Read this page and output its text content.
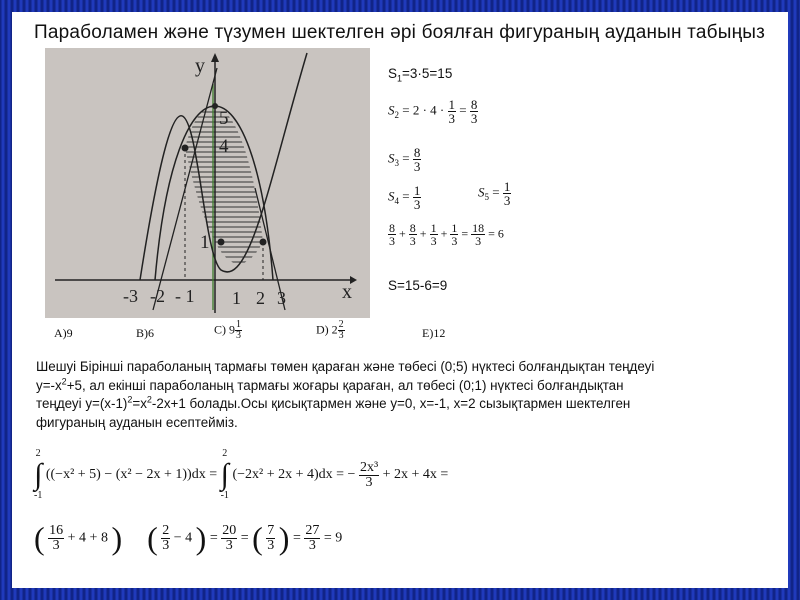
Параболамен және түзумен шектелген әрі боялған фигураның ауданын табыңыз
y
x
5
4
1
-3 -2 - 1 1 2 3
$S_1=3\cdot 5=15$
$S_2 = 2 \cdot 4 \cdot \frac{1}{3} = \frac{8}{3}$
$S_3 = \frac{8}{3}$
$S_4 = \frac{1}{3}$	$S_5 = \frac{1}{3}$
$\frac{8}{3} + \frac{8}{3} + \frac{1}{3} + \frac{1}{3} = \frac{18}{3} = 6$
S=15-6=9
A)9	B)6	C) $9 \frac{1}{3}$	D) $2 \frac{2}{3}$	E)12
Шешуі Бірінші параболаның тармағы төмен қараған және төбесі (0;5) нүктесі болғандықтан теңдеуі
$y=-x^2+5$, ал екінші параболаның тармағы жоғары қараған, ал төбесі (0;1) нүктесі болғандықтан
теңдеуі $y=(x-1)^2=x^2-2x+1$ болады.Осы қисықтармен және y=0, x=-1, x=2 сызықтармен шектелген
фигураның ауданын есептейміз.
2
∫
-1 ((−x² + 5) − (x² − 2x + 1))dx = 2
∫
-1 (−2x² + 2x + 4)dx = − $\frac{\text{2x³}}{3} + 2x + 4x$ =
( $\frac{16}{3} + 4 + 8$ ) ( $\frac{2}{3} - 4$ ) = $\frac{20}{3}$ = ( $\frac{7}{3}$ ) = $\frac{27}{3} = 9$
